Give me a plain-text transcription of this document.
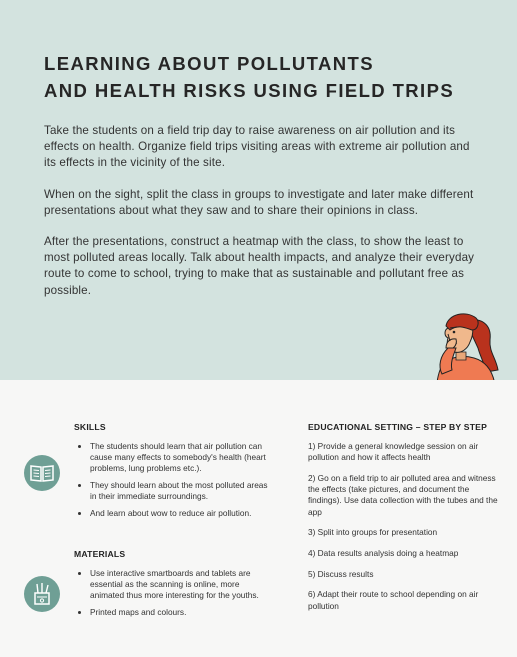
LEARNING ABOUT POLLUTANTS
AND HEALTH RISKS USING FIELD TRIPS

Take the students on a field trip day to raise awareness on air pollution and its effects on health. Organize field trips visiting areas with extreme air pollution and its effects in the vicinity of the site.

When on the sight, split the class in groups to investigate and later make different presentations about what they saw and to share their opinions in class.

After the presentations, construct a heatmap with the class, to show the least to most polluted areas locally. Talk about health impacts, and analyze their everyday route to come to school, trying to make that as sustainable and pollutant free as possible.

SKILLS
The students should learn that air pollution can cause many effects to somebody's health (heart problems, lung problems etc.).
They should learn about the most polluted areas in their immediate surroundings.
And learn about wow to reduce air pollution.
MATERIALS
Use interactive smartboards and tablets are essential as the scanning is online, more animated thus more interesting for the youths.
Printed maps and colours.
EDUCATIONAL SETTING – STEP BY STEP

1) Provide a general knowledge session on air pollution and how it affects health

2) Go on a field trip to air polluted area and witness the effects (take pictures, and document the findings). Use data collection with the tubes and the app

3) Split into groups for presentation

4) Data results analysis doing a heatmap

5) Discuss results

6) Adapt their route to school depending on air pollution
